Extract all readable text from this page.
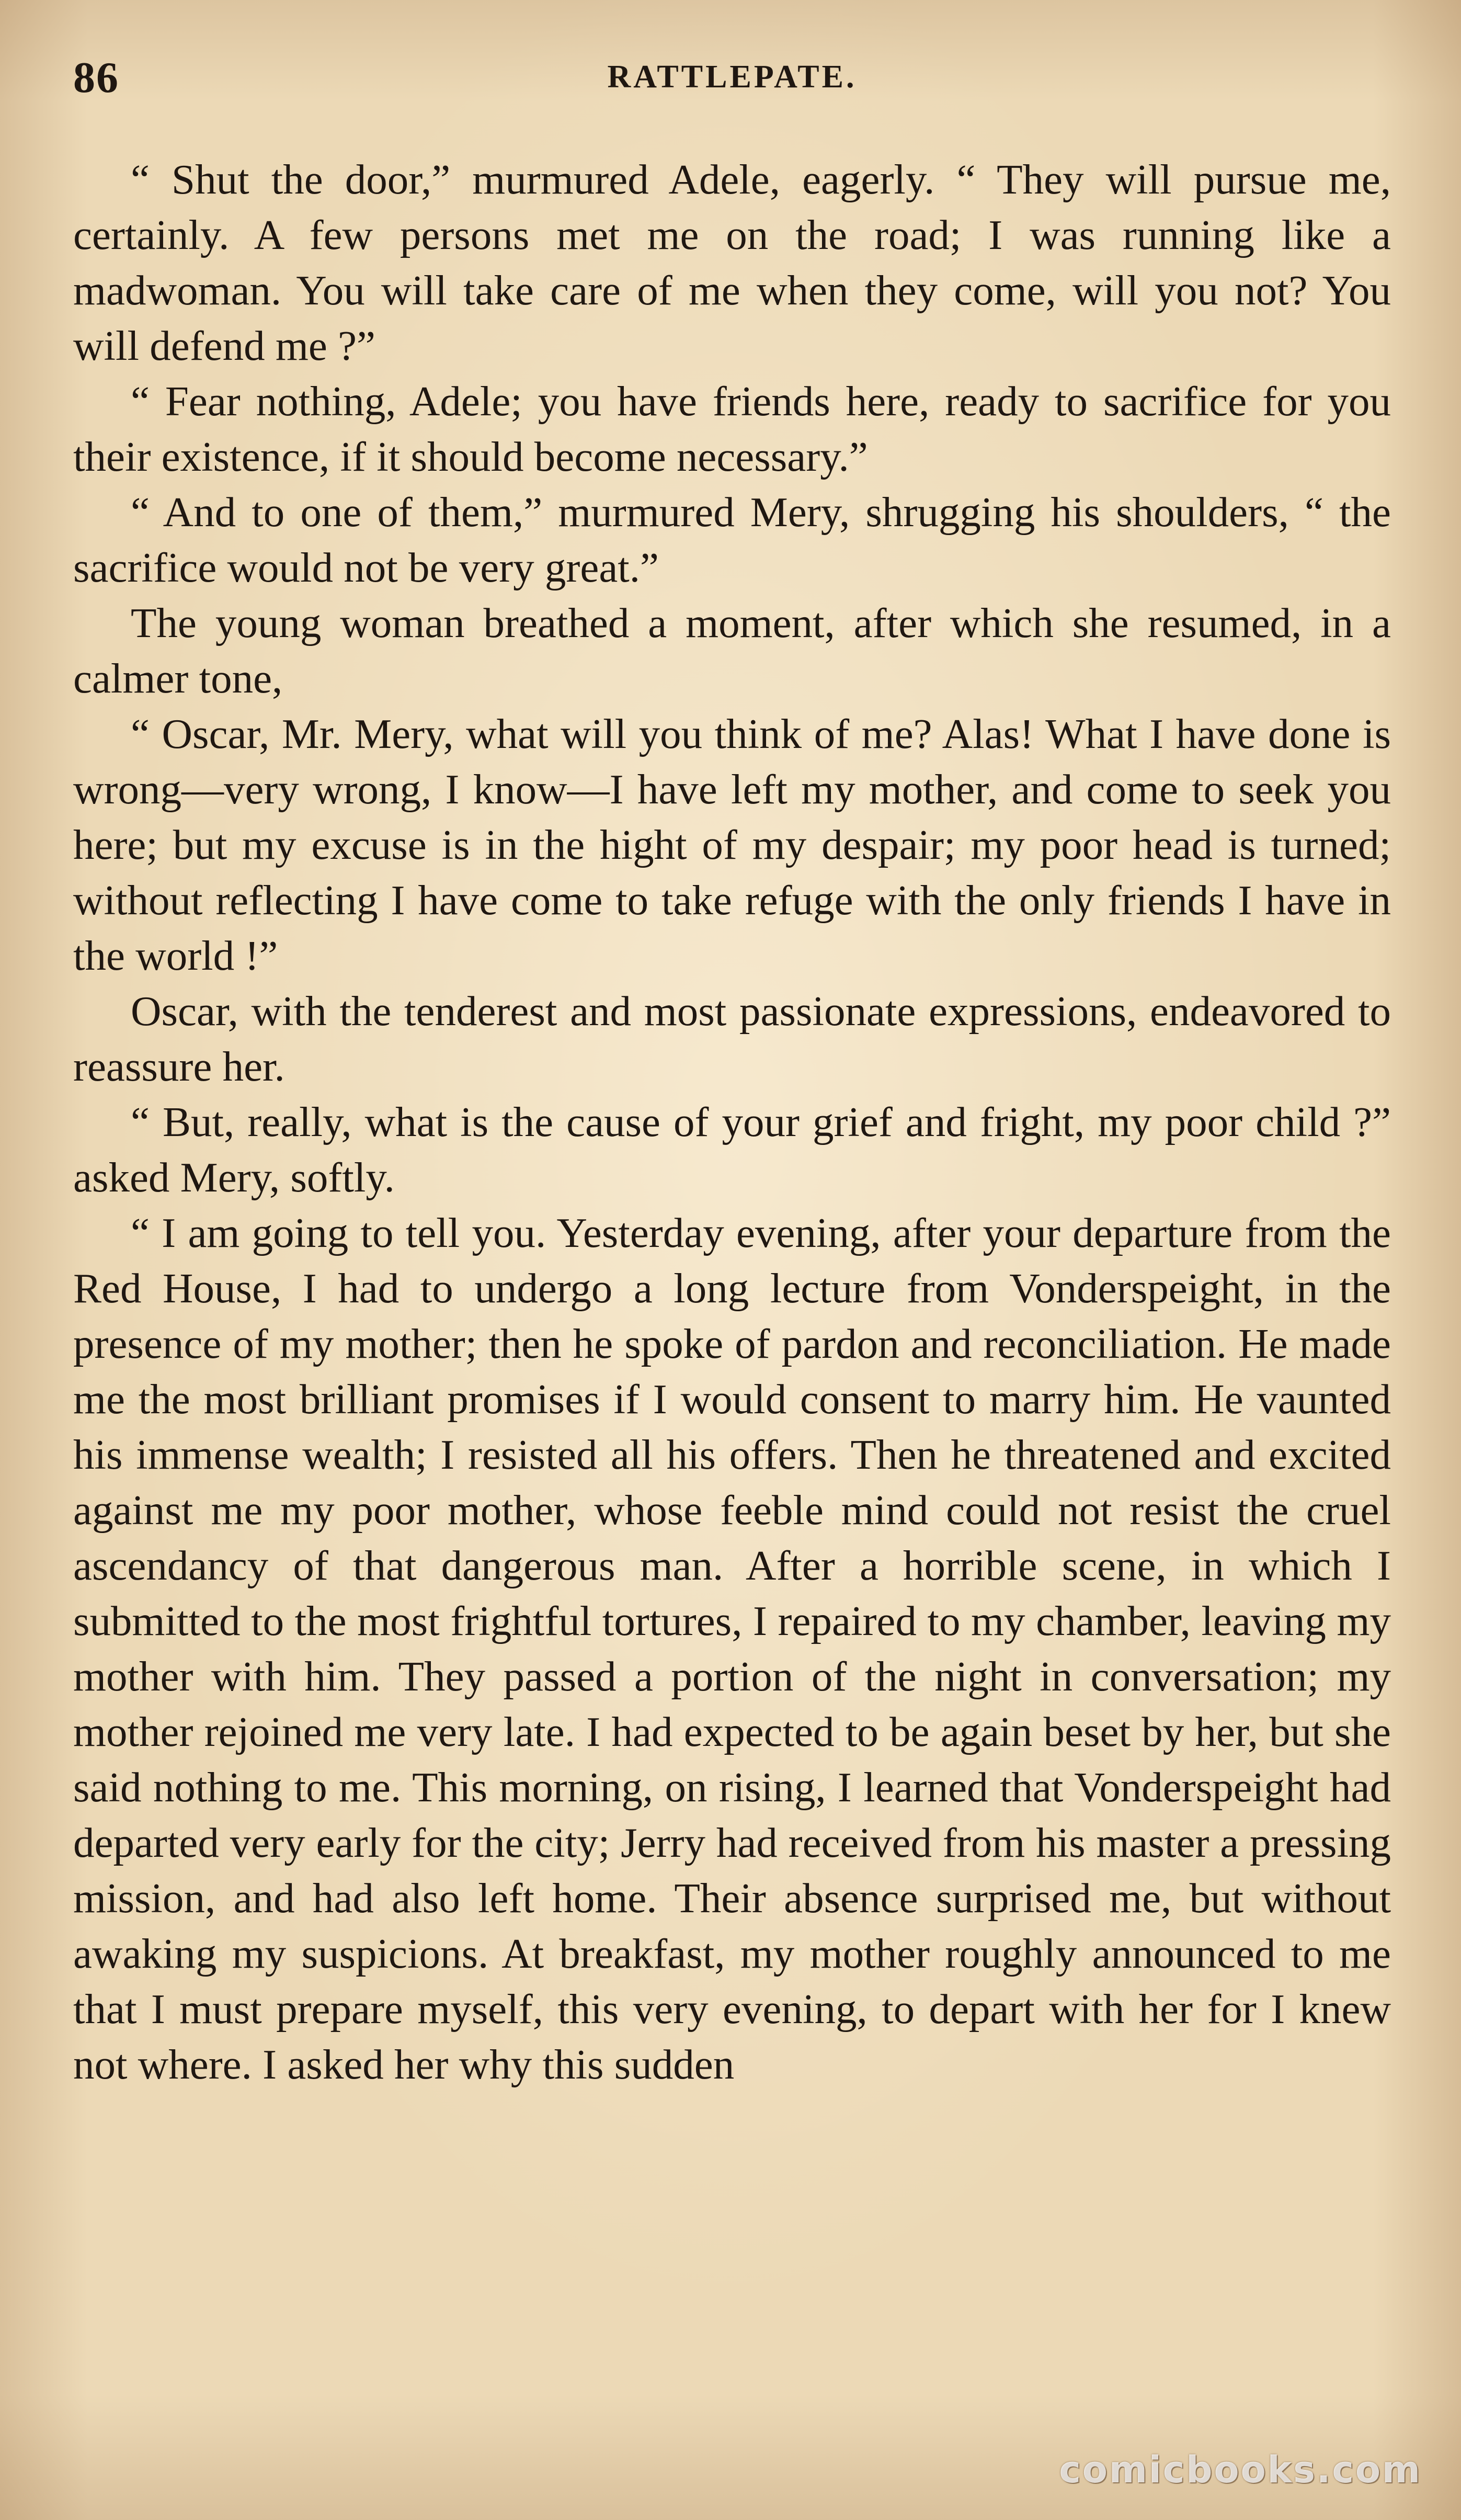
86	RATTLEPATE.

“ Shut the door,” murmured Adele, eagerly. “ They will pursue me, certainly. A few persons met me on the road; I was running like a madwoman. You will take care of me when they come, will you not? You will defend me ?”

“ Fear nothing, Adele; you have friends here, ready to sacrifice for you their existence, if it should become necessary.”

“ And to one of them,” murmured Mery, shrugging his shoulders, “ the sacrifice would not be very great.”

The young woman breathed a moment, after which she resumed, in a calmer tone,

“ Oscar, Mr. Mery, what will you think of me? Alas! What I have done is wrong—very wrong, I know—I have left my mother, and come to seek you here; but my excuse is in the hight of my despair; my poor head is turned; without reflecting I have come to take refuge with the only friends I have in the world !”

Oscar, with the tenderest and most passionate expressions, endeavored to reassure her.

“ But, really, what is the cause of your grief and fright, my poor child ?” asked Mery, softly.

“ I am going to tell you. Yesterday evening, after your departure from the Red House, I had to undergo a long lecture from Vonderspeight, in the presence of my mother; then he spoke of pardon and reconciliation. He made me the most brilliant promises if I would consent to marry him. He vaunted his immense wealth; I resisted all his offers. Then he threatened and excited against me my poor mother, whose feeble mind could not resist the cruel ascendancy of that dangerous man. After a horrible scene, in which I submitted to the most frightful tortures, I repaired to my chamber, leaving my mother with him. They passed a portion of the night in conversation; my mother rejoined me very late. I had expected to be again beset by her, but she said nothing to me. This morning, on rising, I learned that Vonderspeight had departed very early for the city; Jerry had received from his master a pressing mission, and had also left home. Their absence surprised me, but without awaking my suspicions. At breakfast, my mother roughly announced to me that I must prepare myself, this very evening, to depart with her for I knew not where. I asked her why this sudden

comicbooks.com
